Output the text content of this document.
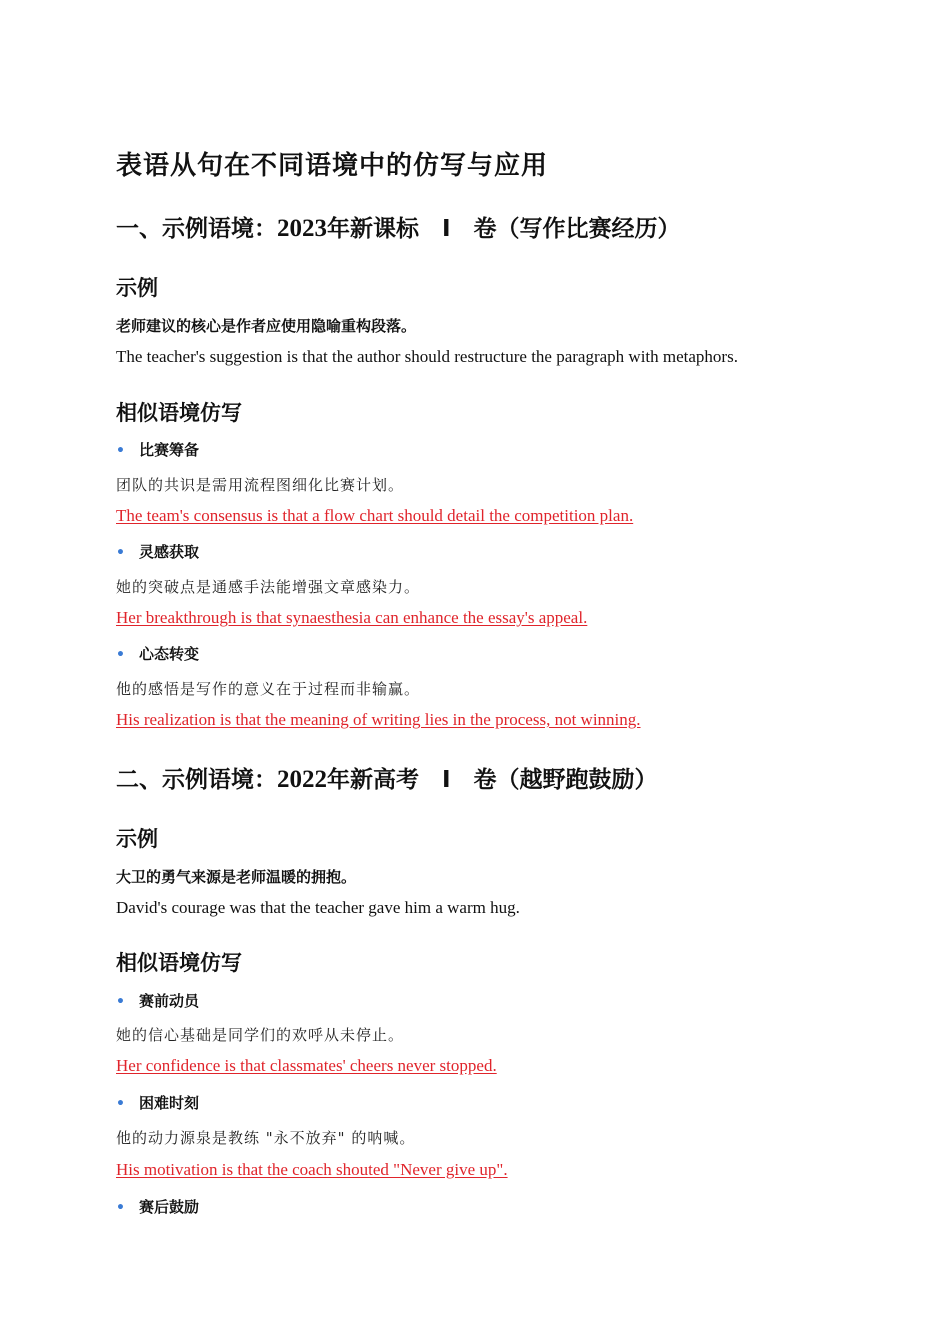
表语从句在不同语境中的仿写与应用
一、示例语境：2023年新课标　Ⅰ　卷（写作比赛经历）
示例

老师建议的核心是作者应使用隐喻重构段落。

The teacher's suggestion is that the author should restructure the paragraph with metaphors.

相似语境仿写

• 比赛筹备

团队的共识是需用流程图细化比赛计划。

The team's consensus is that a flow chart should detail the competition plan.

• 灵感获取

她的突破点是通感手法能增强文章感染力。

Her breakthrough is that synaesthesia can enhance the essay's appeal.

• 心态转变

他的感悟是写作的意义在于过程而非输赢。

His realization is that the meaning of writing lies in the process, not winning.

二、示例语境：2022年新高考　Ⅰ　卷（越野跑鼓励）
示例

大卫的勇气来源是老师温暖的拥抱。

David's courage was that the teacher gave him a warm hug.

相似语境仿写

• 赛前动员

她的信心基础是同学们的欢呼从未停止。

Her confidence is that classmates' cheers never stopped.

• 困难时刻

他的动力源泉是教练 "永不放弃" 的呐喊。

His motivation is that the coach shouted "Never give up".

• 赛后鼓励
